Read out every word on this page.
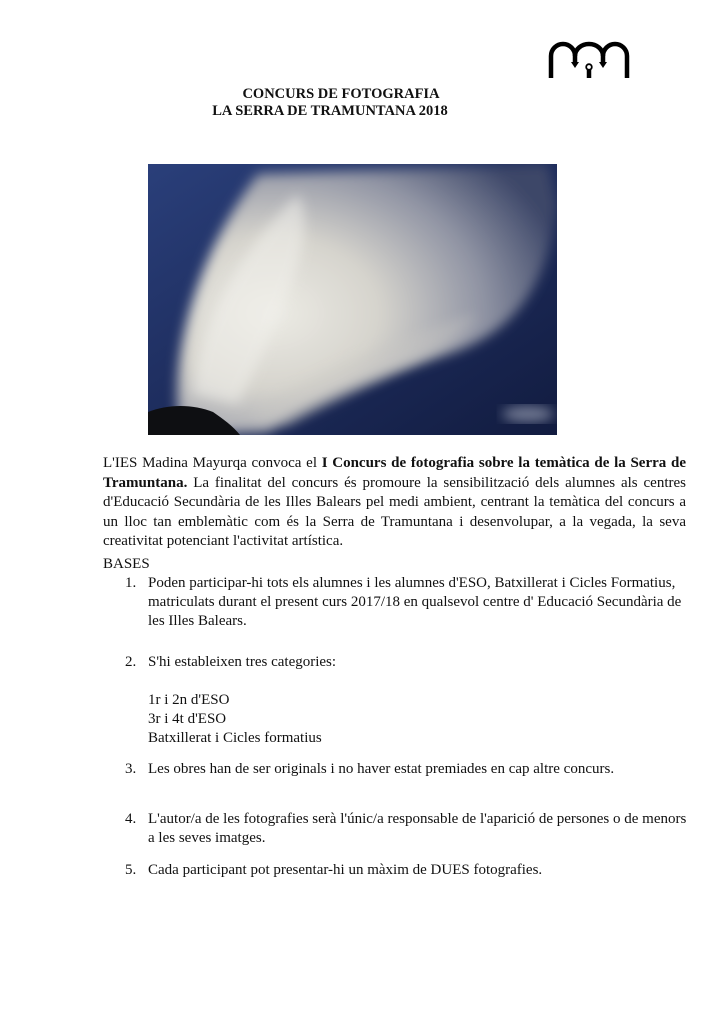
CONCURS DE FOTOGRAFIA
LA SERRA DE TRAMUNTANA 2018
L'IES Madina Mayurqa convoca el I Concurs de fotografia sobre la temàtica de la Serra de Tramuntana. La finalitat del concurs és promoure la sensibilització dels alumnes als centres d'Educació Secundària de les Illes Balears pel medi ambient, centrant la temàtica del concurs a un lloc tan emblemàtic com és la Serra de Tramuntana i desenvolupar, a la vegada, la seva creativitat potenciant l'activitat artística.
BASES
1. Poden participar-hi tots els alumnes i les alumnes d'ESO, Batxillerat i Cicles Formatius,
matriculats durant el present curs 2017/18 en qualsevol centre d' Educació Secundària de
les Illes Balears.
2. S'hi estableixen tres categories:
1r i 2n d'ESO
3r i 4t d'ESO
Batxillerat i Cicles formatius
3. Les obres han de ser originals i no haver estat premiades en cap altre concurs.
4. L'autor/a de les fotografies serà l'únic/a responsable de l'aparició de persones o de menors
a les seves imatges.
5. Cada participant pot presentar-hi un màxim de DUES fotografies.
